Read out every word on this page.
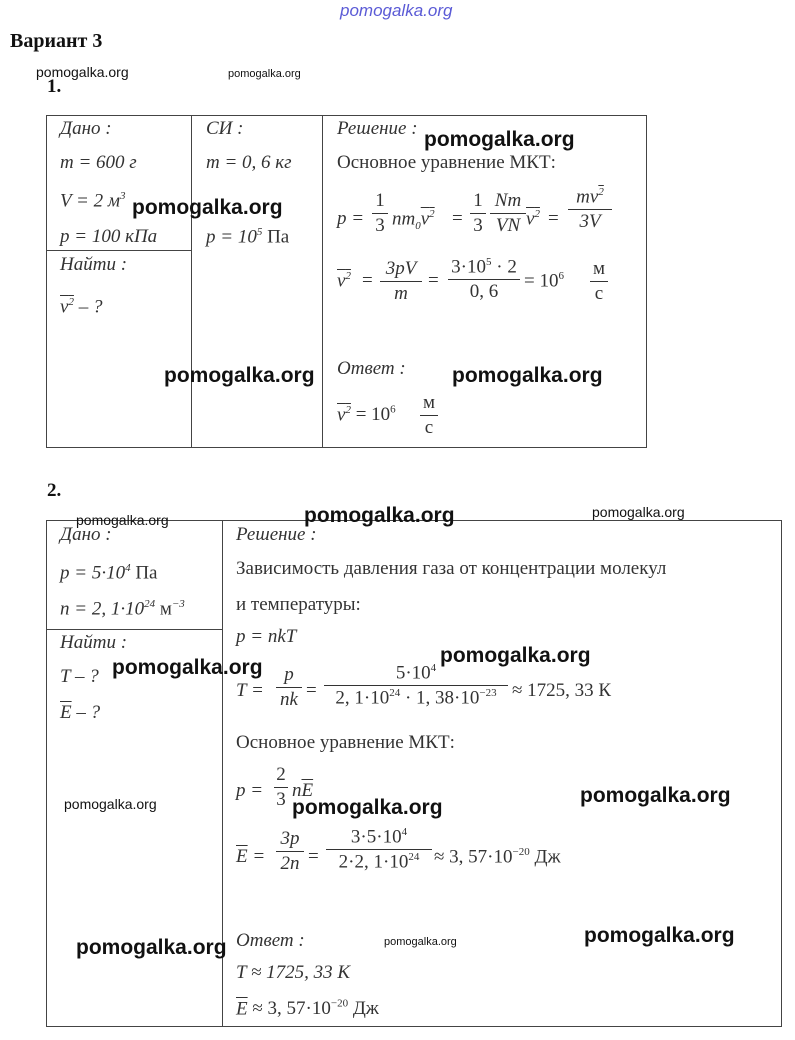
pomogalka.org
Вариант 3
1.
Дано :
m = 600 г
V = 2 $м^3$
p = 100 кПа
Найти :
$\overline{v}^2$ – ?
СИ :
m = 0, 6 кг
$p = 10^5$ Па
Решение :
Основное уравнение МКТ:
p =
1
3 $nm_0\overline{v}^2$ =
1
3
Nm
VN $\overline{v}^2$ =
$mv^2$
3V
$\overline{v}^2$ =
3pV
m
=
$3\cdot 10^5 \cdot 2$
0, 6
= $10^6$ м
с
Ответ :
$\overline{v}^2 = 10^6$ м
с
2.
Дано :
$p = 5\cdot 10^4$ Па
n = 2, $1\cdot 10^{24}$ $м^{-3}$
Найти :
T – ?
$\overline{E}$ – ?
Решение :
Зависимость давления газа от концентрации молекул
и температуры:
p = nkT
T =
p
nk =
$5\cdot 10^4$
2, $1\cdot 10^{24} \cdot 1$, $38\cdot 10^{-23} \approx 1725$, 33 К
Основное уравнение МКТ:
p =
2
3 $n\overline{E}$
$\overline{E}$ =
3p
2n =
$3\cdot 5\cdot 10^4$
2·2, $1\cdot 10^{24} \approx 3$, $57\cdot 10^{-20}$ Дж
Ответ :
T ≈ 1725, 33 К
$\overline{E} \approx 3$, $57\cdot 10^{-20}$ Дж
pomogalka.org	pomogalka.org
pomogalka.org
pomogalka.org
pomogalka.org	pomogalka.org
pomogalka.org	pomogalka.org	pomogalka.org
pomogalka.org
pomogalka.org
pomogalka.org	pomogalka.org
pomogalka.org
pomogalka.org	pomogalka.org	pomogalka.org
